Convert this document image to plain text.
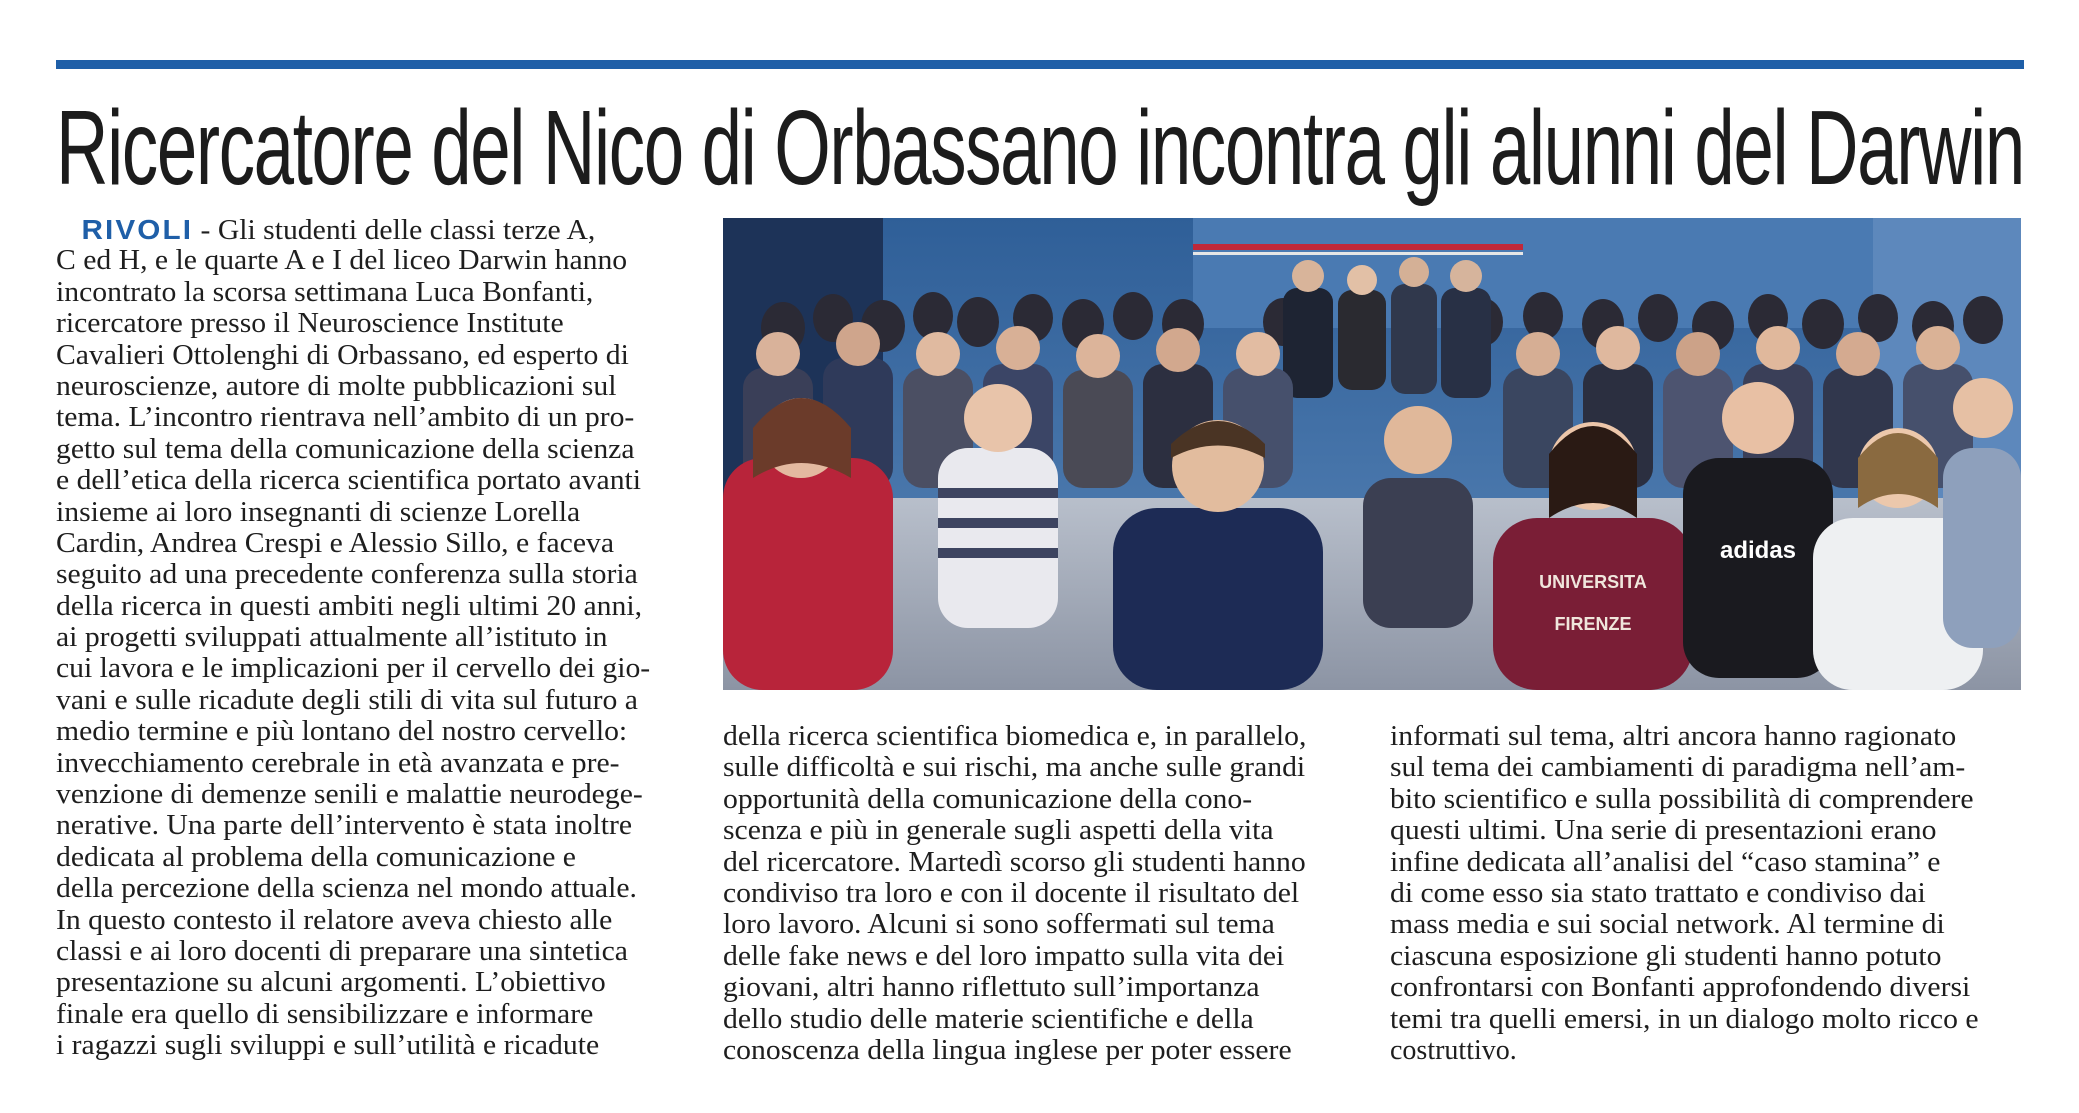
Ricercatore del Nico di Orbassano incontra gli alunni del Darwin
RIVOLI - Gli studenti delle classi terze A,
C ed H, e le quarte A e I del liceo Darwin hanno
incontrato la scorsa settimana Luca Bonfanti,
ricercatore presso il Neuroscience Institute
Cavalieri Ottolenghi di Orbassano, ed esperto di
neuroscienze, autore di molte pubblicazioni sul
tema. L’incontro rientrava nell’ambito di un pro-
getto sul tema della comunicazione della scienza
e dell’etica della ricerca scientifica portato avanti
insieme ai loro insegnanti di scienze Lorella
Cardin, Andrea Crespi e Alessio Sillo, e faceva
seguito ad una precedente conferenza sulla storia
della ricerca in questi ambiti negli ultimi 20 anni,
ai progetti sviluppati attualmente all’istituto in
cui lavora e le implicazioni per il cervello dei gio-
vani e sulle ricadute degli stili di vita sul futuro a
medio termine e più lontano del nostro cervello:
invecchiamento cerebrale in età avanzata e pre-
venzione di demenze senili e malattie neurodege-
nerative. Una parte dell’intervento è stata inoltre
dedicata al problema della comunicazione e
della percezione della scienza nel mondo attuale.
In questo contesto il relatore aveva chiesto alle
classi e ai loro docenti di preparare una sintetica
presentazione su alcuni argomenti. L’obiettivo
finale era quello di sensibilizzare e informare
i ragazzi sugli sviluppi e sull’utilità e ricadute
della ricerca scientifica biomedica e, in parallelo,
sulle difficoltà e sui rischi, ma anche sulle grandi
opportunità della comunicazione della cono-
scenza e più in generale sugli aspetti della vita
del ricercatore. Martedì scorso gli studenti hanno
condiviso tra loro e con il docente il risultato del
loro lavoro. Alcuni si sono soffermati sul tema
delle fake news e del loro impatto sulla vita dei
giovani, altri hanno riflettuto sull’importanza
dello studio delle materie scientifiche e della
conoscenza della lingua inglese per poter essere
informati sul tema, altri ancora hanno ragionato
sul tema dei cambiamenti di paradigma nell’am-
bito scientifico e sulla possibilità di comprendere
questi ultimi. Una serie di presentazioni erano
infine dedicata all’analisi del “caso stamina” e
di come esso sia stato trattato e condiviso dai
mass media e sui social network. Al termine di
ciascuna esposizione gli studenti hanno potuto
confrontarsi con Bonfanti approfondendo diversi
temi tra quelli emersi, in un dialogo molto ricco e
costruttivo.
UNIVERSITA
FIRENZE
adidas
